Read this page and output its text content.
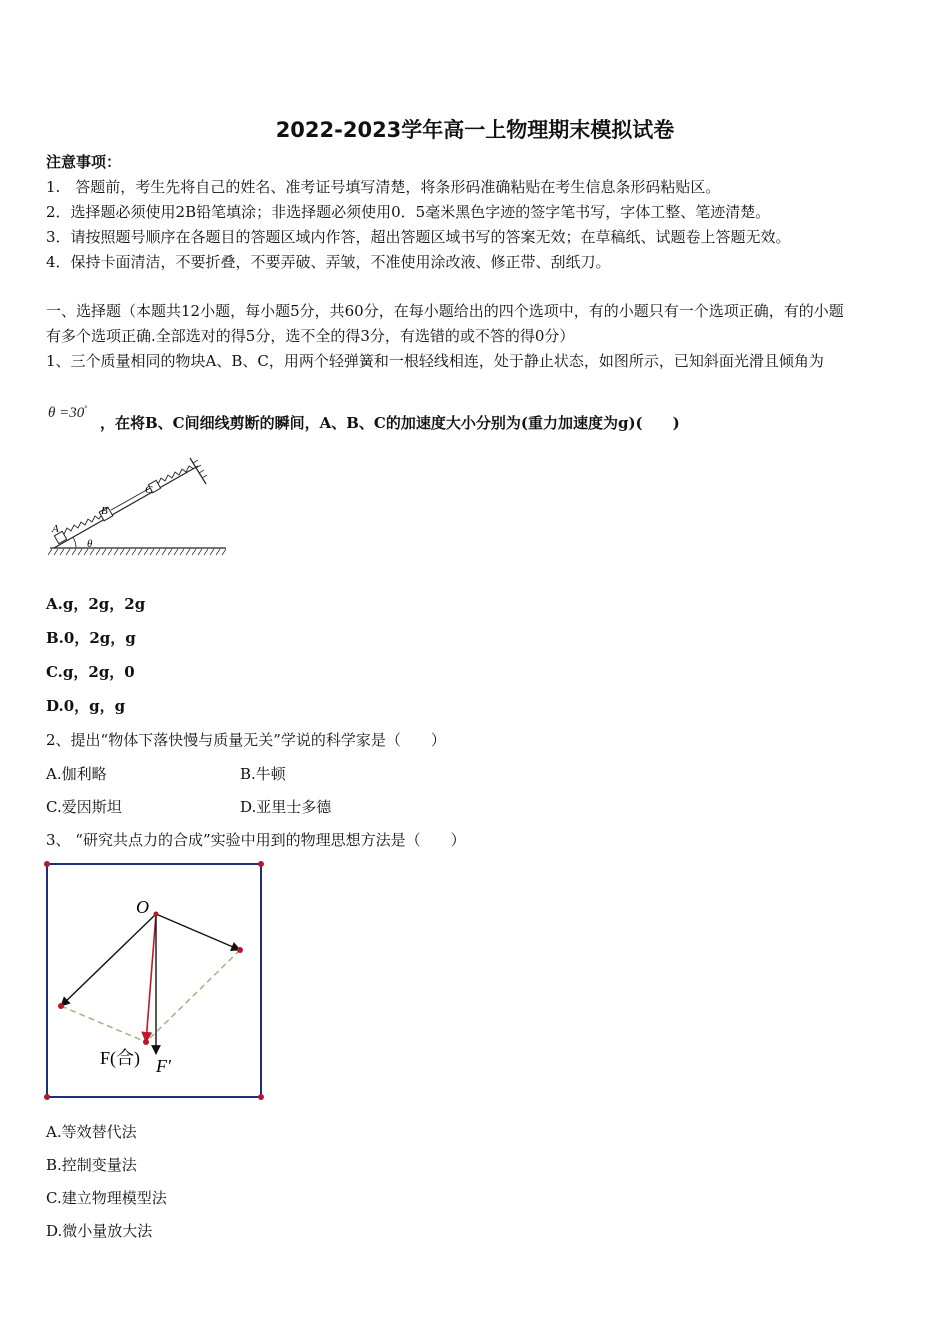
2022-2023学年高一上物理期末模拟试卷
注意事项：
1.　答题前，考生先将自己的姓名、准考证号填写清楚，将条形码准确粘贴在考生信息条形码粘贴区。
2．选择题必须使用2B铅笔填涂；非选择题必须使用0．5毫米黑色字迹的签字笔书写，字体工整、笔迹清楚。
3．请按照题号顺序在各题目的答题区域内作答，超出答题区域书写的答案无效；在草稿纸、试题卷上答题无效。
4．保持卡面清洁，不要折叠，不要弄破、弄皱，不准使用涂改液、修正带、刮纸刀。
一、选择题（本题共12小题，每小题5分，共60分，在每小题给出的四个选项中，有的小题只有一个选项正确，有的小题
有多个选项正确.全部选对的得5分，选不全的得3分，有选错的或不答的得0分）
1、三个质量相同的物块A、B、C，用两个轻弹簧和一根轻线相连，处于静止状态，如图所示，已知斜面光滑且倾角为
θ =30°
，在将B、C间细线剪断的瞬间，A、B、C的加速度大小分别为(重力加速度为g)(　　)
A
B
C
θ
A.g，2g，2g
B.0，2g，g
C.g，2g，0
D.0，g，g
2、提出“物体下落快慢与质量无关”学说的科学家是（　　）
A.伽利略	B.牛顿
C.爱因斯坦	D.亚里士多德
3、 “研究共点力的合成”实验中用到的物理思想方法是（　　）
O
F(合) F′
A.等效替代法
B.控制变量法
C.建立物理模型法
D.微小量放大法
